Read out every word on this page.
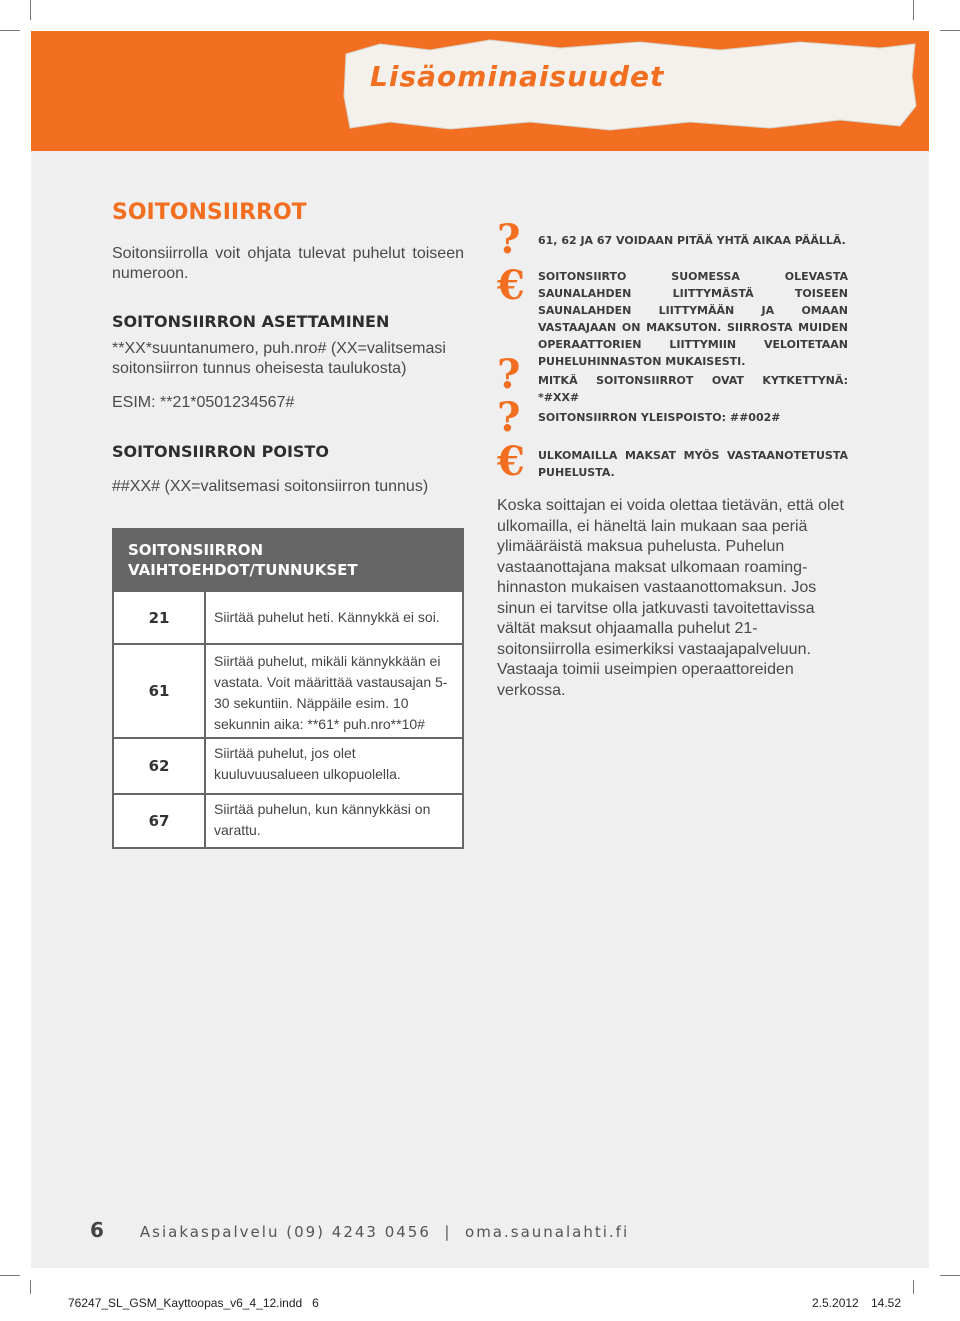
Lisäominaisuudet
SOITONSIIRROT

Soitonsiirrolla voit ohjata tulevat puhelut toiseen numeroon.

SOITONSIIRRON ASETTAMINEN

**XX*suuntanumero, puh.nro# (XX=valitsemasi soitonsiirron tunnus oheisesta taulukosta)

ESIM: **21*0501234567#

SOITONSIIRRON POISTO

##XX# (XX=valitsemasi soitonsiirron tunnus)

SOITONSIIRRON
VAIHTOEHDOT/TUNNUKSET
21	Siirtää puhelut heti. Kännykkä ei soi.
61
Siirtää puhelut, mikäli kännykkään ei vastata. Voit määrittää vastausajan 5-30 sekuntiin. Näppäile esim. 10 sekunnin aika: **61* puh.nro**10#
62
Siirtää puhelut, jos olet kuuluvuusalueen ulkopuolella.
67
Siirtää puhelun, kun kännykkäsi on varattu.
?
€
?
?
€

61, 62 JA 67 VOIDAAN PITÄÄ YHTÄ AIKAA PÄÄLLÄ.

SOITONSIIRTO SUOMESSA OLEVASTA SAUNALAHDEN LIITTYMÄSTÄ TOISEEN SAUNALAHDEN LIITTYMÄÄN JA OMAAN VASTAAJAAN ON MAKSUTON. SIIRROSTA MUIDEN OPERAATTORIEN LIITTYMIIN VELOITETAAN PUHELUHINNASTON MUKAISESTI.

MITKÄ SOITONSIIRROT OVAT KYTKETTYNÄ: *#XX#

SOITONSIIRRON YLEISPOISTO: ##002#

ULKOMAILLA MAKSAT MYÖS VASTAANOTETUSTA PUHELUSTA.

Koska soittajan ei voida olettaa tietävän, että olet ulkomailla, ei häneltä lain mukaan saa periä ylimääräistä maksua puhelusta. Puhelun vastaanottajana maksat ulkomaan roaming-hinnaston mukaisen vastaanottomaksun. Jos sinun ei tarvitse olla jatkuvasti tavoitettavissa vältät maksut ohjaamalla puhelut 21-soitonsiirrolla esimerkiksi vastaajapalveluun. Vastaaja toimii useimpien operaattoreiden verkossa.

6 Asiakaspalvelu (09) 4243 0456  |  oma.saunalahti.fi
76247_SL_GSM_Kayttoopas_v6_4_12.indd   6	2.5.2012 14.52
